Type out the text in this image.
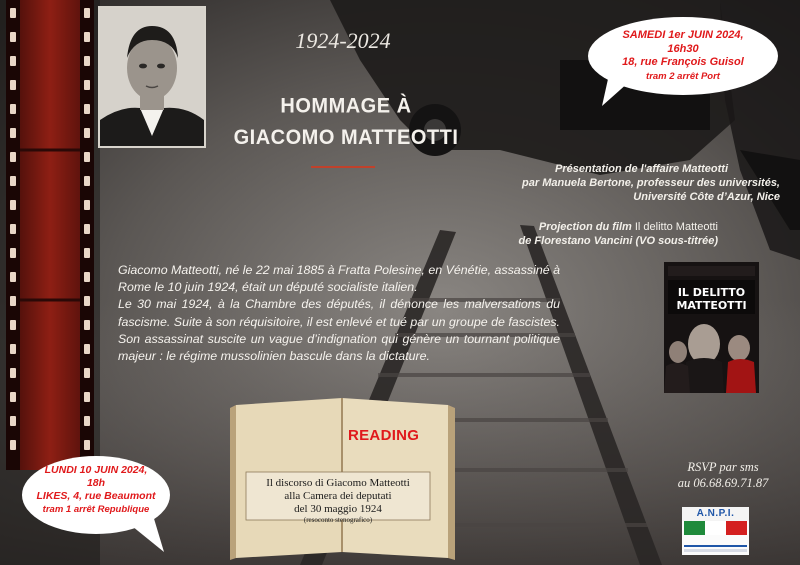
1924-2024
HOMMAGE À
GIACOMO MATTEOTTI
SAMEDI 1er JUIN 2024,
16h30
18, rue François Guisol
tram 2 arrêt Port
LUNDI 10 JUIN 2024,
18h
LIKES, 4, rue Beaumont
tram 1 arrêt Republique
Présentation de l'affaire Matteotti
par Manuela Bertone, professeur des universités,
Université Côte d’Azur, Nice
Projection du film Il delitto Matteotti
de Florestano Vancini (VO sous-titrée)

Giacomo Matteotti, né le 22 mai 1885 à Fratta Polesine, en Vénétie, assassiné à Rome le 10 juin 1924, était un député socialiste italien.

Le 30 mai 1924, à la Chambre des députés, il dénonce les malversations du fascisme. Suite à son réquisitoire, il est enlevé et tué par un groupe de fascistes. Son assassinat suscite un vague d’indignation qui génère un tournant politique majeur : le régime mussolinien bascule dans la dictature.

IL DELITTO
MATTEOTTI
READING
Il discorso di Giacomo Matteotti
alla Camera dei deputati
del 30 maggio 1924
(resoconto stenografico)
RSVP par sms
au 06.68.69.71.87
A.N.P.I.
